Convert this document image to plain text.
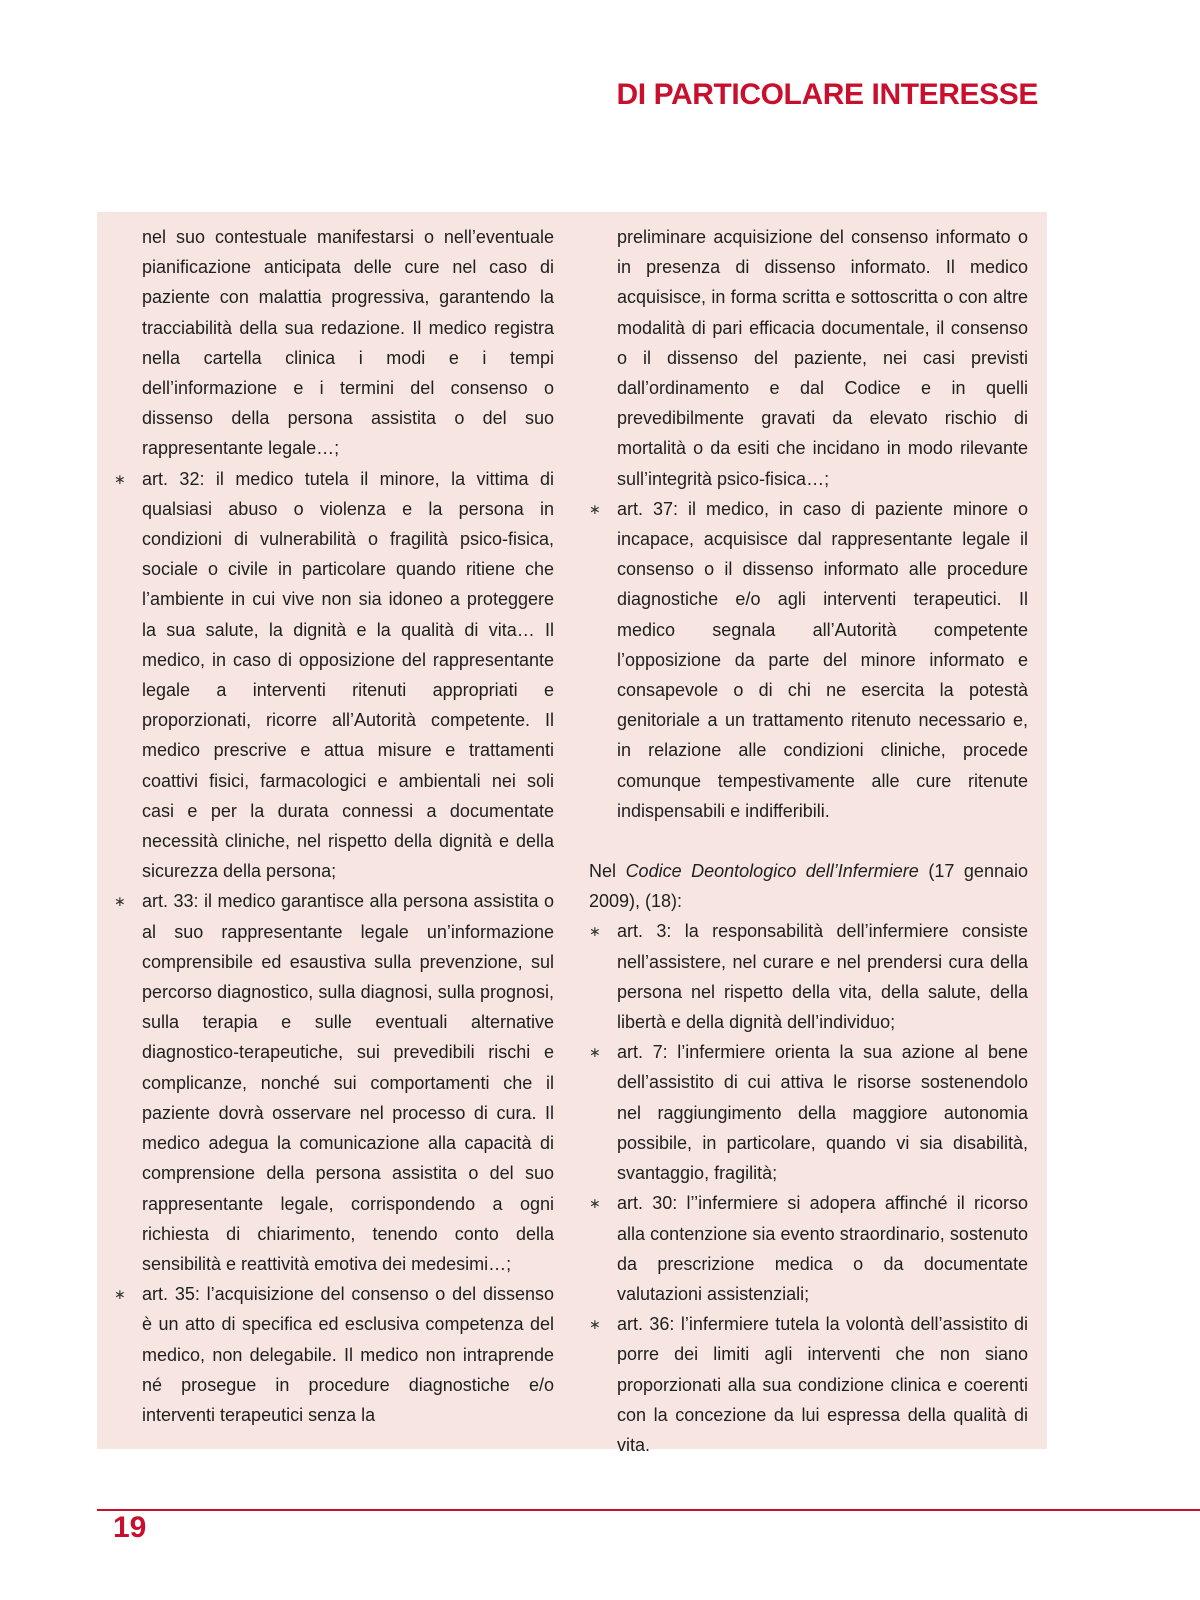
DI PARTICOLARE INTERESSE

nel suo contestuale manifestarsi o nell’eventuale pianificazione anticipata delle cure nel caso di paziente con malattia progressiva, garantendo la tracciabilità della sua redazione. Il medico registra nella cartella clinica i modi e i tempi dell’informazione e i termini del consenso o dissenso della persona assistita o del suo rappresentante legale…;

∗ art. 32: il medico tutela il minore, la vittima di qualsiasi abuso o violenza e la persona in condizioni di vulnerabilità o fragilità psico-fisica, sociale o civile in particolare quando ritiene che l’ambiente in cui vive non sia idoneo a proteggere la sua salute, la dignità e la qualità di vita… Il medico, in caso di opposizione del rappresentante legale a interventi ritenuti appropriati e proporzionati, ricorre all’Autorità competente. Il medico prescrive e attua misure e trattamenti coattivi fisici, farmacologici e ambientali nei soli casi e per la durata connessi a documentate necessità cliniche, nel rispetto della dignità e della sicurezza della persona;
∗ art. 33: il medico garantisce alla persona assistita o al suo rappresentante legale un’informazione comprensibile ed esaustiva sulla prevenzione, sul percorso diagnostico, sulla diagnosi, sulla prognosi, sulla terapia e sulle eventuali alternative diagnostico-terapeutiche, sui prevedibili rischi e complicanze, nonché sui comportamenti che il paziente dovrà osservare nel processo di cura. Il medico adegua la comunicazione alla capacità di comprensione della persona assistita o del suo rappresentante legale, corrispondendo a ogni richiesta di chiarimento, tenendo conto della sensibilità e reattività emotiva dei medesimi…;
∗ art. 35: l’acquisizione del consenso o del dissenso è un atto di specifica ed esclusiva competenza del medico, non delegabile. Il medico non intraprende né prosegue in procedure diagnostiche e/o interventi terapeutici senza la

preliminare acquisizione del consenso informato o in presenza di dissenso informato. Il medico acquisisce, in forma scritta e sottoscritta o con altre modalità di pari efficacia documentale, il consenso o il dissenso del paziente, nei casi previsti dall’ordinamento e dal Codice e in quelli prevedibilmente gravati da elevato rischio di mortalità o da esiti che incidano in modo rilevante sull’integrità psico-fisica…;

∗ art. 37: il medico, in caso di paziente minore o incapace, acquisisce dal rappresentante legale il consenso o il dissenso informato alle procedure diagnostiche e/o agli interventi terapeutici. Il medico segnala all’Autorità competente l’opposizione da parte del minore informato e consapevole o di chi ne esercita la potestà genitoriale a un trattamento ritenuto necessario e, in relazione alle condizioni cliniche, procede comunque tempestivamente alle cure ritenute indispensabili e indifferibili.

Nel Codice Deontologico dell’Infermiere (17 gennaio 2009), (18):

∗ art. 3: la responsabilità dell’infermiere consiste nell’assistere, nel curare e nel prendersi cura della persona nel rispetto della vita, della salute, della libertà e della dignità dell’individuo;
∗ art. 7: l’infermiere orienta la sua azione al bene dell’assistito di cui attiva le risorse sostenendolo nel raggiungimento della maggiore autonomia possibile, in particolare, quando vi sia disabilità, svantaggio, fragilità;
∗ art. 30: l’’infermiere si adopera affinché il ricorso alla contenzione sia evento straordinario, sostenuto da prescrizione medica o da documentate valutazioni assistenziali;
∗ art. 36: l’infermiere tutela la volontà dell’assistito di porre dei limiti agli interventi che non siano proporzionati alla sua condizione clinica e coerenti con la concezione da lui espressa della qualità di vita.
19
